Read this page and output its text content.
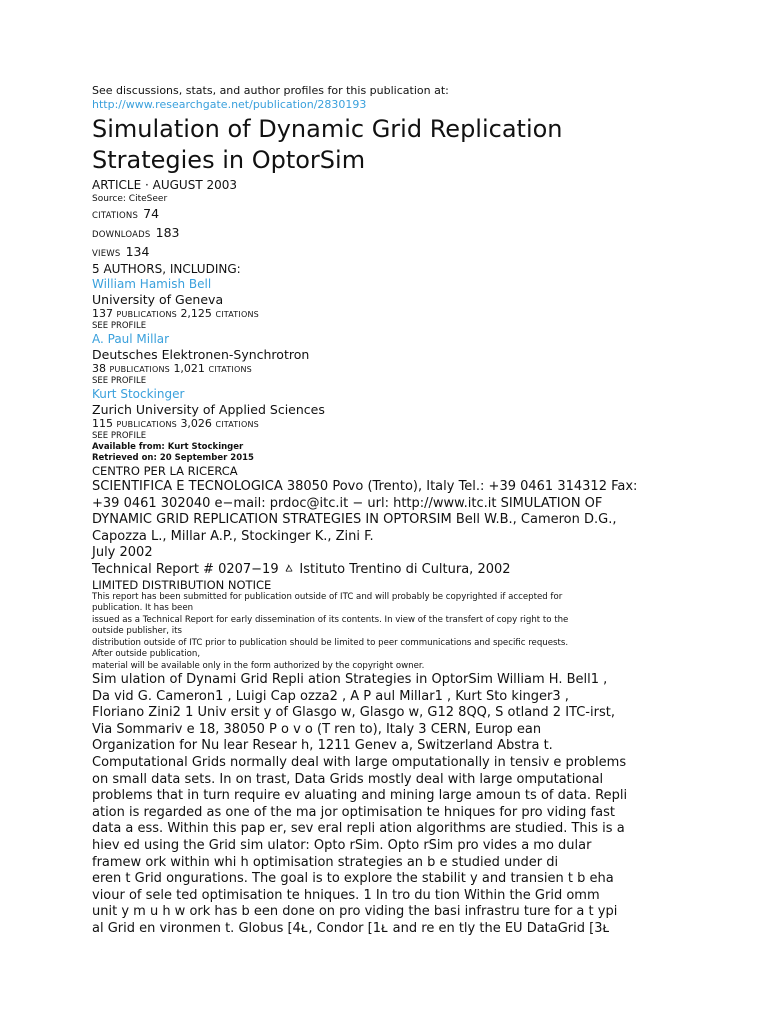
See discussions, stats, and author profiles for this publication at:
http://www.researchgate.net/publication/2830193
Simulation of Dynamic Grid Replication
Strategies in OptorSim
ARTICLE · AUGUST 2003
Source: CiteSeer
CITATIONS 74
DOWNLOADS 183
VIEWS 134
5 AUTHORS, INCLUDING:
William Hamish Bell
University of Geneva
137 PUBLICATIONS 2,125 CITATIONS
SEE PROFILE
A. Paul Millar
Deutsches Elektronen-Synchrotron
38 PUBLICATIONS 1,021 CITATIONS
SEE PROFILE
Kurt Stockinger
Zurich University of Applied Sciences
115 PUBLICATIONS 3,026 CITATIONS
SEE PROFILE
Available from: Kurt Stockinger
Retrieved on: 20 September 2015
CENTRO PER LA RICERCA
SCIENTIFICA E TECNOLOGICA 38050 Povo (Trento), Italy Tel.: +39 0461 314312 Fax:
+39 0461 302040 e−mail: prdoc@itc.it − url: http://www.itc.it SIMULATION OF
DYNAMIC GRID REPLICATION STRATEGIES IN OPTORSIM Bell W.B., Cameron D.G.,
Capozza L., Millar A.P., Stockinger K., Zini F.
July 2002
Technical Report # 0207−19 ㅿ Istituto Trentino di Cultura, 2002
LIMITED DISTRIBUTION NOTICE
This report has been submitted for publication outside of ITC and will probably be copyrighted if accepted for
publication. It has been
issued as a Technical Report for early dissemination of its contents. In view of the transfert of copy right to the
outside publisher, its
distribution outside of ITC prior to publication should be limited to peer communications and specific requests.
After outside publication,
material will be available only in the form authorized by the copyright owner.
Sim ulation of Dynami Grid Repli ation Strategies in OptorSim William H. Bell1 ,
Da vid G. Cameron1 , Luigi Cap ozza2 , A P aul Millar1 , Kurt Sto kinger3 ,
Floriano Zini2 1 Univ ersit y of Glasgo w, Glasgo w, G12 8QQ, S otland 2 ITC-irst,
Via Sommariv e 18, 38050 P o v o (T ren to), Italy 3 CERN, Europ ean
Organization for Nu lear Resear h, 1211 Genev a, Switzerland Abstra t.
Computational Grids normally deal with large omputationally in tensiv e problems
on small data sets. In on trast, Data Grids mostly deal with large omputational
problems that in turn require ev aluating and mining large amoun ts of data. Repli
ation is regarded as one of the ma jor optimisation te hniques for pro viding fast
data a ess. Within this pap er, sev eral repli ation algorithms are studied. This is a
hiev ed using the Grid sim ulator: Opto rSim. Opto rSim pro vides a mo dular
framew ork within whi h optimisation strategies an b e studied under di
eren t Grid ongurations. The goal is to explore the stabilit y and transien t b eha
viour of sele ted optimisation te hniques. 1 In tro du tion Within the Grid omm
unit y m u h w ork has b een done on pro viding the basi infrastru ture for a t ypi
al Grid en vironmen t. Globus [4ᴌ, Condor [1ᴌ and re en tly the EU DataGrid [3ᴌ
